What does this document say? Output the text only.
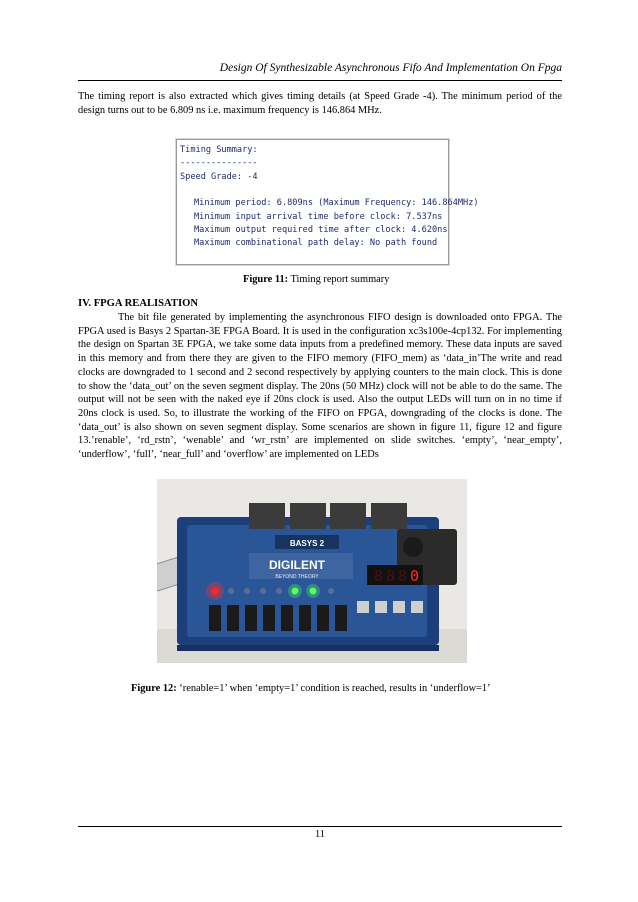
Design Of Synthesizable Asynchronous Fifo And Implementation On Fpga

The timing report is also extracted which gives timing details (at Speed Grade -4). The minimum period of the design turns out to be 6.809 ns i.e. maximum frequency is 146.864 MHz.

Timing Summary:
---------------
Speed Grade: -4
Minimum period: 6.809ns (Maximum Frequency: 146.864MHz)
Minimum input arrival time before clock: 7.537ns
Maximum output required time after clock: 4.620ns
Maximum combinational path delay: No path found
Figure 11: Timing report summary
IV. FPGA REALISATION

The bit file generated by implementing the asynchronous FIFO design is downloaded onto FPGA. The FPGA used is Basys 2 Spartan-3E FPGA Board. It is used in the configuration xc3s100e-4cp132. For implementing the design on Spartan 3E FPGA, we take some data inputs from a predefined memory. These data inputs are saved in this memory and from there they are given to the FIFO memory (FIFO_mem) as ‘data_in’The write and read clocks are downgraded to 1 second and 2 second respectively by applying counters to the main clock. This is done to show the ‘data_out’ on the seven segment display. The 20ns (50 MHz) clock will not be able to do the same. The output will not be seen with the naked eye if 20ns clock is used. Also the output LEDs will turn on in no time if 20ns clock is used. So, to illustrate the working of the FIFO on FPGA, downgrading of the clocks is done. The ‘data_out’ is also shown on seven segment display. Some scenarios are shown in figure 11, figure 12 and figure 13.’renable’, ‘rd_rstn’, ‘wenable’ and ‘wr_rstn’ are implemented on slide switches. ‘empty’, ‘near_empty’, ‘underflow’, ‘full’, ‘near_full’ and ‘overflow’ are implemented on LEDs

BASYS 2
DIGILENT
BEYOND THEORY	8 8 8 0
Figure 12: ‘renable=1’ when ‘empty=1’ condition is reached, results in ‘underflow=1’
11
